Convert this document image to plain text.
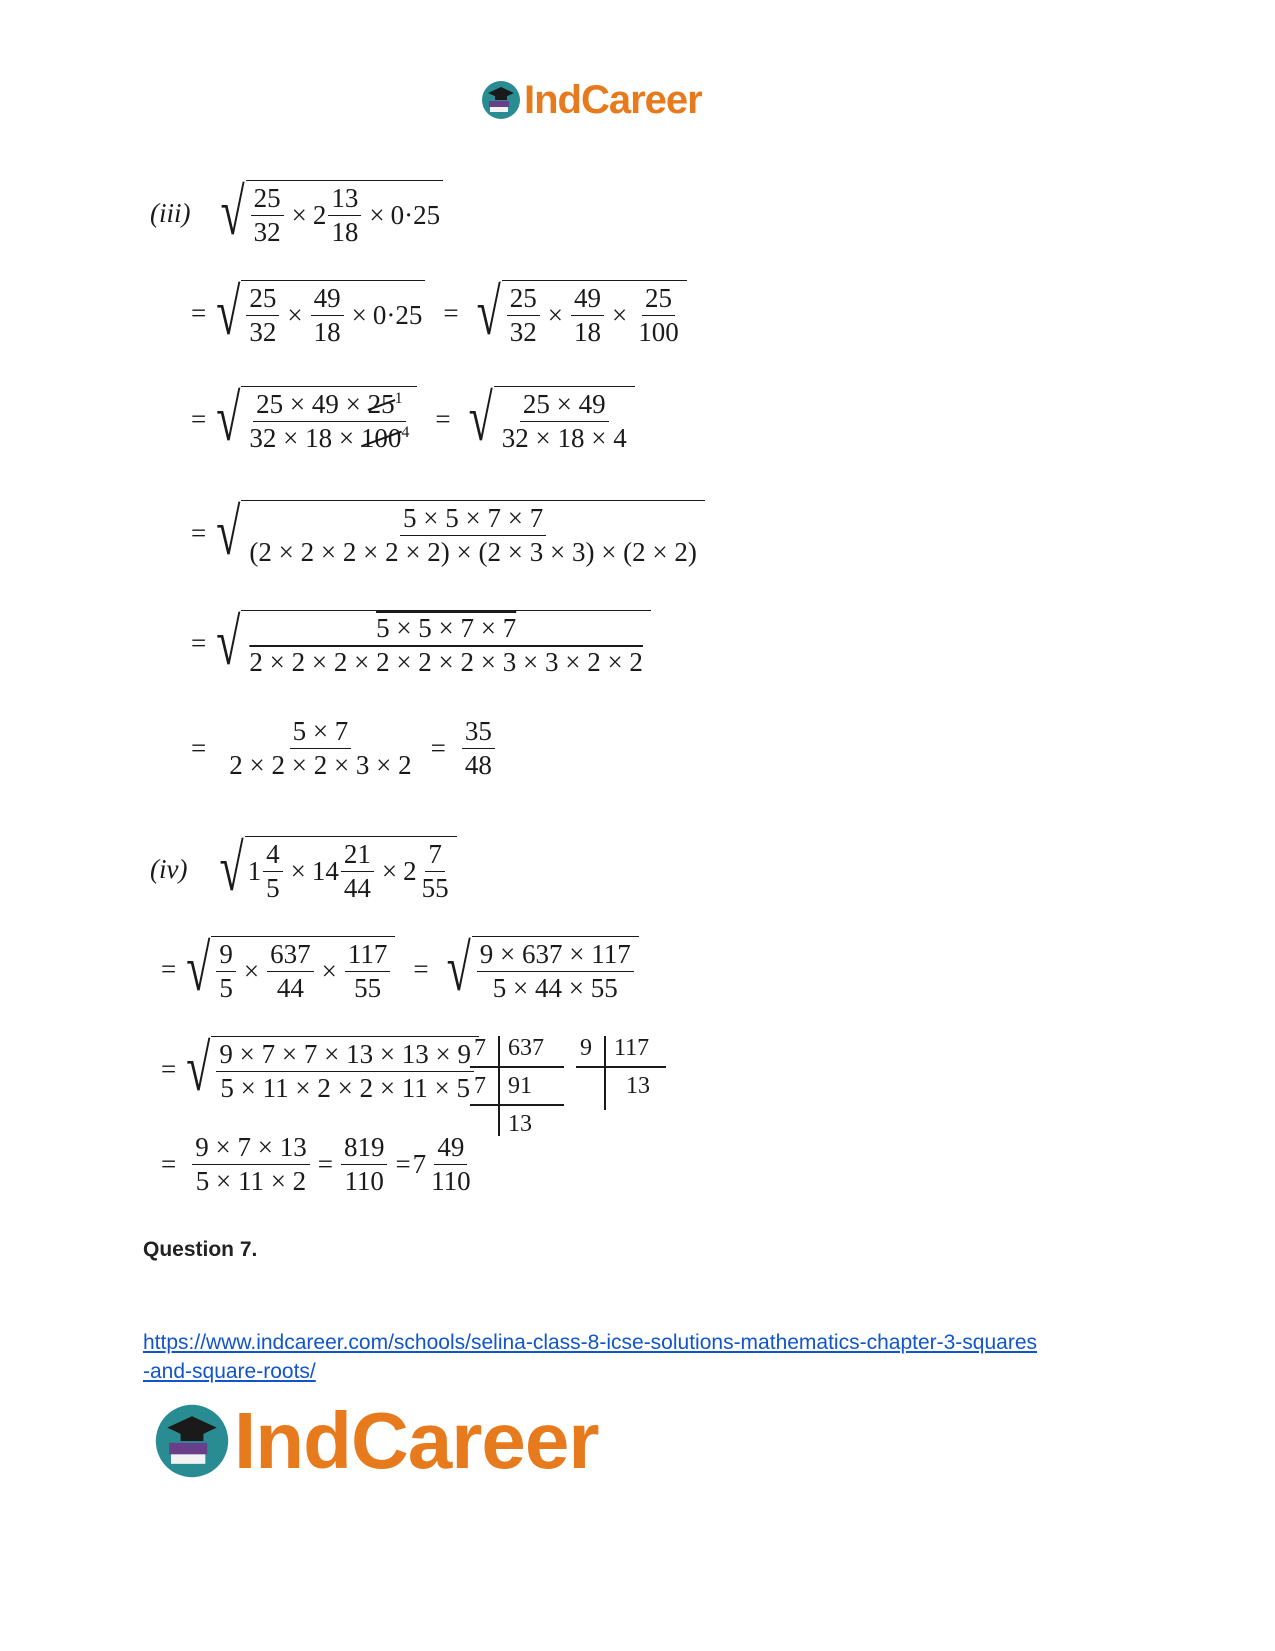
IndCareer
(iii) √ $\frac{25}{32} \times 2 \frac{13}{18} \times 0\cdot 25$
= √ $\frac{25}{32} \times \frac{49}{18} \times 0\cdot 25$ = √ $\frac{25}{32} \times \frac{49}{18} \times \frac{25}{100}$
= √ $\frac{25 \times 49 \times 25^1}{32 \times 18 \times 100^4}$ = √ $\frac{25 \times 49}{32 \times 18 \times 4}$
= √ $\frac{5 \times 5 \times 7 \times 7}{(2 \times 2 \times 2 \times 2 \times 2) \times (2 \times 3 \times 3) \times (2 \times 2)}$
= √ $\frac{5 \times 5 \times 7 \times 7}{2 \times 2 \times 2 \times 2 \times 2 \times 2 \times 3 \times 3 \times 2 \times 2}$
= $\frac{5 \times 7}{2 \times 2 \times 2 \times 3 \times 2} = \frac{35}{48}$
(iv) √ $1 \frac{4}{5} \times 14 \frac{21}{44} \times 2 \frac{7}{55}$
= √ $\frac{9}{5} \times \frac{637}{44} \times \frac{117}{55}$ = √ $\frac{9 \times 637 \times 117}{5 \times 44 \times 55}$
= √ $\frac{9 \times 7 \times 7 \times 13 \times 13 \times 9}{5 \times 11 \times 2 \times 2 \times 11 \times 5} 7$ 637
7 91
13
9 117
13
= $\frac{9 \times 7 \times 13}{5 \times 11 \times 2} = \frac{819}{110} = 7 \frac{49}{110}$
Question 7.
https://www.indcareer.com/schools/selina-class-8-icse-solutions-mathematics-chapter-3-squares
-and-square-roots/
IndCareer
